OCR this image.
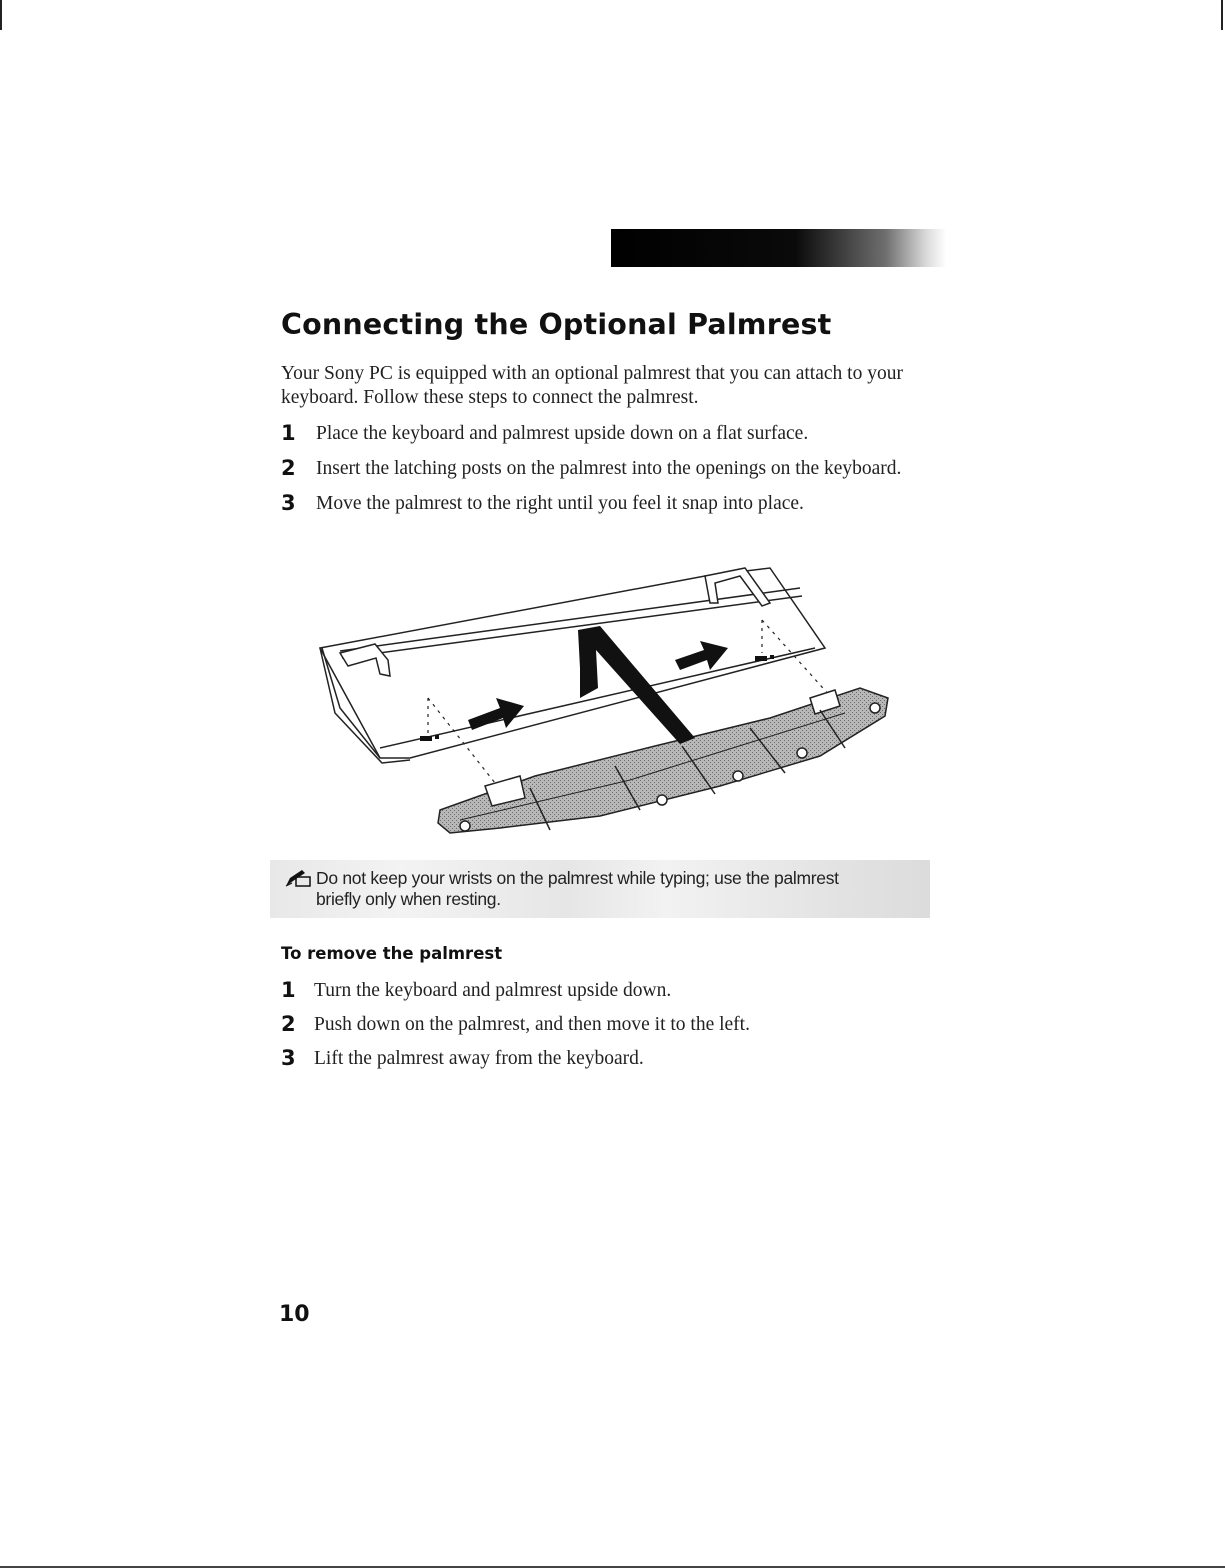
Connecting the Optional Palmrest

Your Sony PC is equipped with an optional palmrest that you can attach to your keyboard. Follow these steps to connect the palmrest.

1 Place the keyboard and palmrest upside down on a flat surface.
2 Insert the latching posts on the palmrest into the openings on the keyboard.
3 Move the palmrest to the right until you feel it snap into place.

Do not keep your wrists on the palmrest while typing; use the palmrest briefly only when resting.

To remove the palmrest
1 Turn the keyboard and palmrest upside down.
2 Push down on the palmrest, and then move it to the left.
3 Lift the palmrest away from the keyboard.
10
